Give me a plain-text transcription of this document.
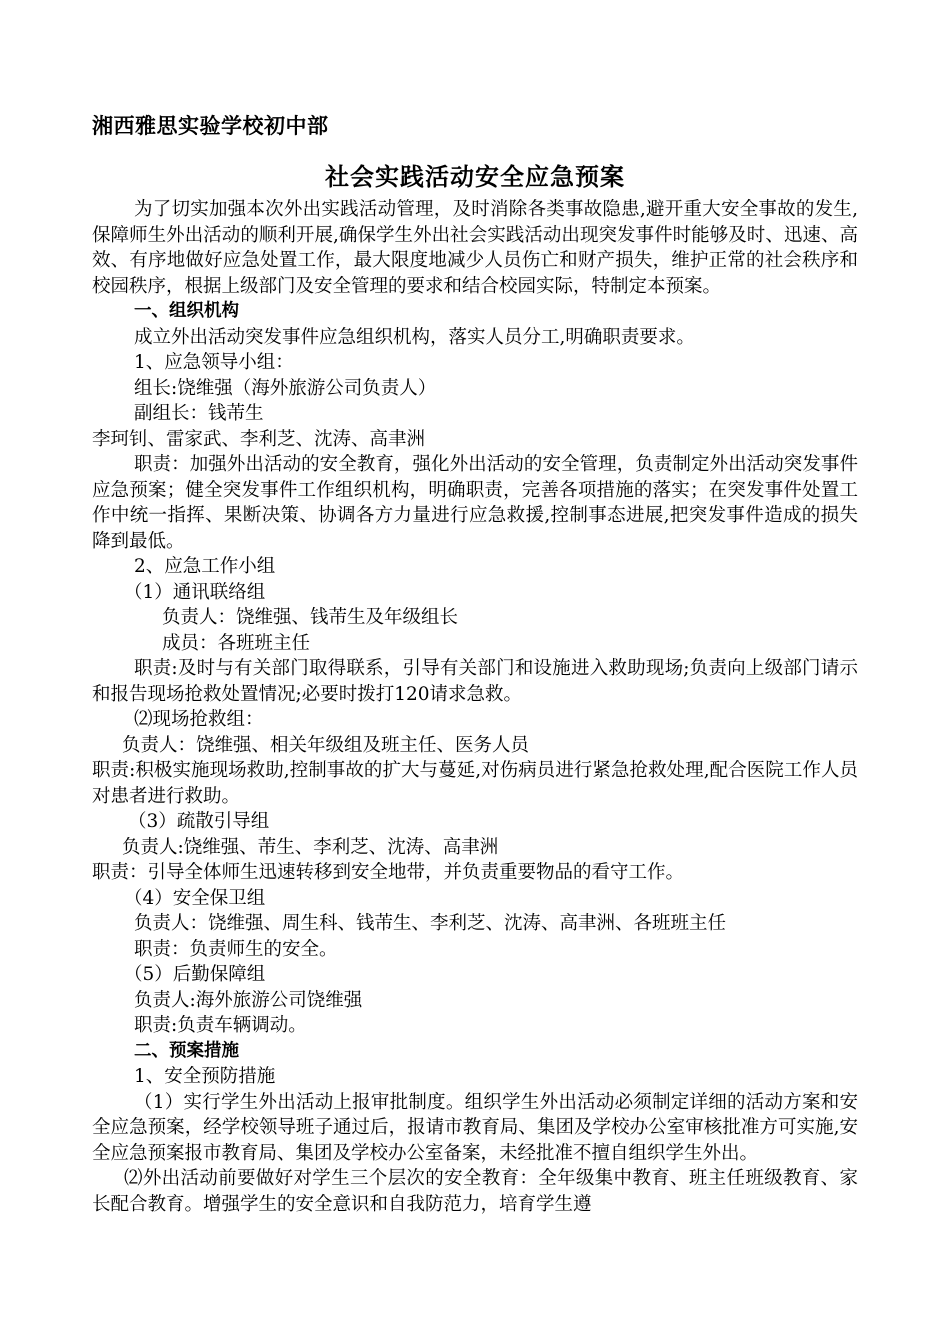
湘西雅思实验学校初中部
社会实践活动安全应急预案

为了切实加强本次外出实践活动管理，及时消除各类事故隐患,避开重大安全事故的发生,保障师生外出活动的顺利开展,确保学生外出社会实践活动出现突发事件时能够及时、迅速、高效、有序地做好应急处置工作，最大限度地减少人员伤亡和财产损失，维护正常的社会秩序和校园秩序，根据上级部门及安全管理的要求和结合校园实际，特制定本预案。

一、组织机构

成立外出活动突发事件应急组织机构，落实人员分工,明确职责要求。

1、应急领导小组：

组长:饶维强（海外旅游公司负责人）

副组长：钱芾生

李珂钊、雷家武、李利芝、沈涛、高聿洲

职责：加强外出活动的安全教育，强化外出活动的安全管理，负责制定外出活动突发事件应急预案；健全突发事件工作组织机构，明确职责，完善各项措施的落实；在突发事件处置工作中统一指挥、果断决策、协调各方力量进行应急救援,控制事态进展,把突发事件造成的损失降到最低。

2、应急工作小组

（1）通讯联络组

负责人：饶维强、钱芾生及年级组长

成员：各班班主任

职责:及时与有关部门取得联系，引导有关部门和设施进入救助现场;负责向上级部门请示和报告现场抢救处置情况;必要时拨打120请求急救。

⑵现场抢救组：

负责人：饶维强、相关年级组及班主任、医务人员

职责:积极实施现场救助,控制事故的扩大与蔓延,对伤病员进行紧急抢救处理,配合医院工作人员对患者进行救助。

（3）疏散引导组

负责人:饶维强、芾生、李利芝、沈涛、高聿洲

职责：引导全体师生迅速转移到安全地带，并负责重要物品的看守工作。

（4）安全保卫组

负责人：饶维强、周生科、钱芾生、李利芝、沈涛、高聿洲、各班班主任

职责：负责师生的安全。

（5）后勤保障组

负责人:海外旅游公司饶维强

职责:负责车辆调动。

二、预案措施

1、安全预防措施

（1）实行学生外出活动上报审批制度。组织学生外出活动必须制定详细的活动方案和安全应急预案，经学校领导班子通过后，报请市教育局、集团及学校办公室审核批准方可实施,安全应急预案报市教育局、集团及学校办公室备案，未经批准不擅自组织学生外出。

⑵外出活动前要做好对学生三个层次的安全教育：全年级集中教育、班主任班级教育、家长配合教育。增强学生的安全意识和自我防范力，培育学生遵
